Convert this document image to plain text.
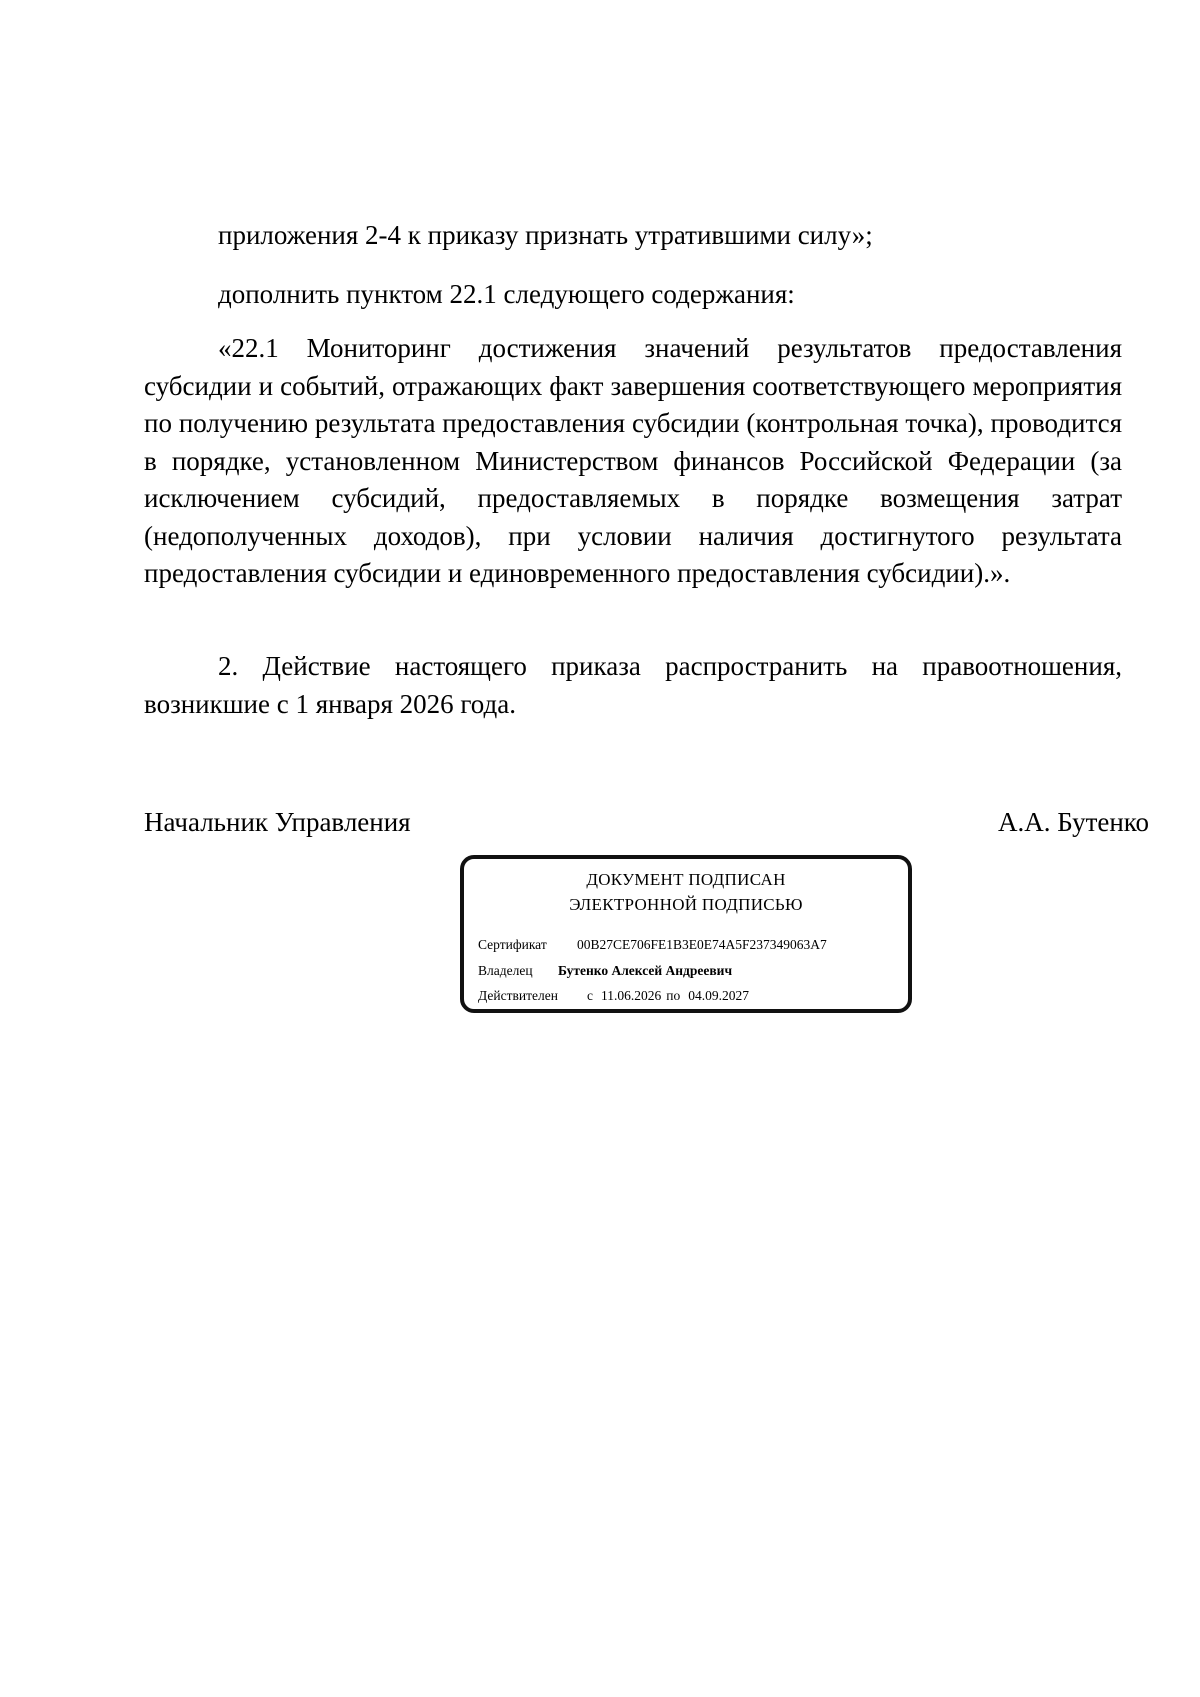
приложения 2-4 к приказу признать утратившими силу»;

дополнить пунктом 22.1 следующего содержания:

«22.1 Мониторинг достижения значений результатов предоставления субсидии и событий, отражающих факт завершения соответствующего мероприятия по получению результата предоставления субсидии (контрольная точка), проводится в порядке, установленном Министерством финансов Российской Федерации (за исключением субсидий, предоставляемых в порядке возмещения затрат (недополученных доходов), при условии наличия достигнутого результата предоставления субсидии и единовременного предоставления субсидии).».

2. Действие настоящего приказа распространить на правоотношения, возникшие с 1 января 2026 года.

Начальник Управления	А.А. Бутенко
ДОКУМЕНТ ПОДПИСАН
ЭЛЕКТРОННОЙ ПОДПИСЬЮ
Сертификат 00B27CE706FE1B3E0E74A5F237349063A7
Владелец Бутенко Алексей Андреевич
Действителен с 11.06.2026 по 04.09.2027
